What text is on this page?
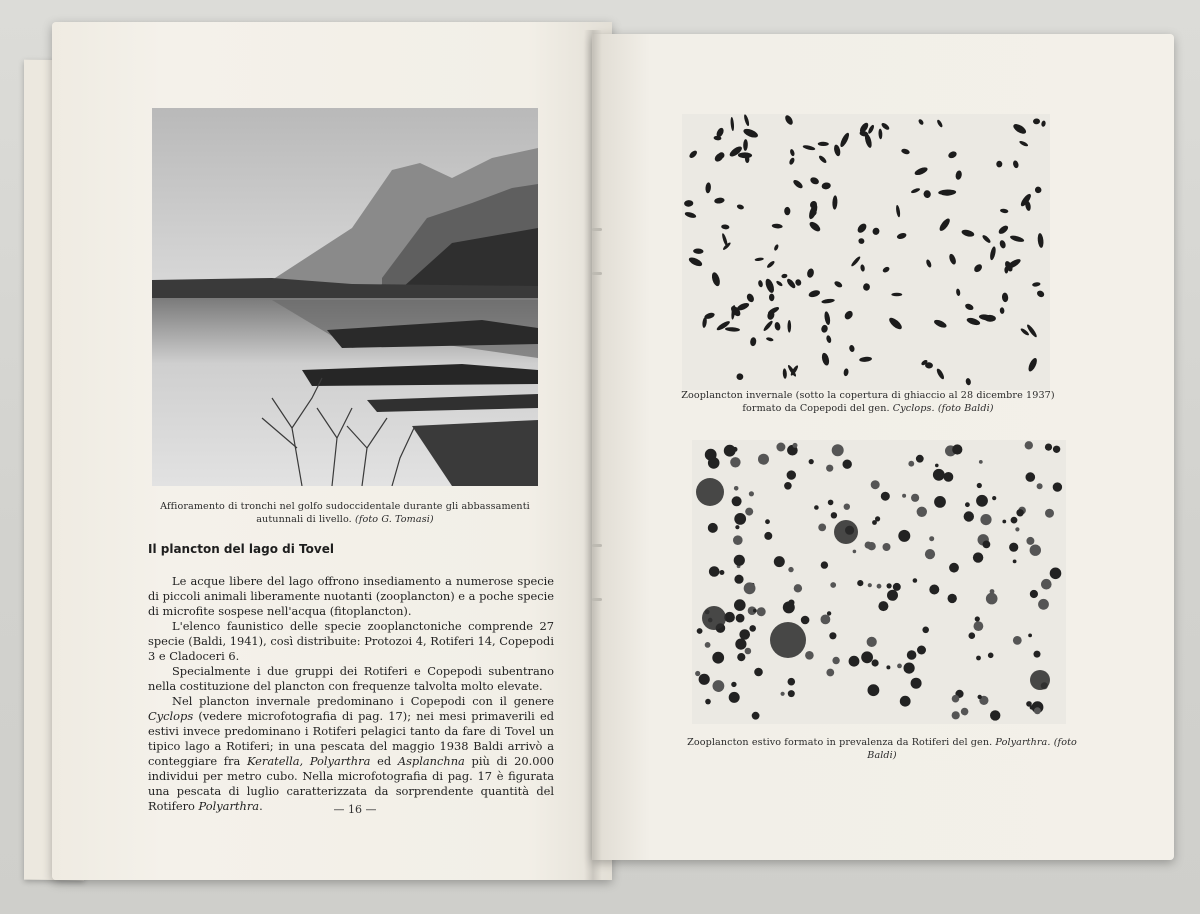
Affioramento di tronchi nel golfo sudoccidentale durante gli abbassamenti autunnali di livello. (foto G. Tomasi)
Il plancton del lago di Tovel

Le acque libere del lago offrono insediamento a numerose specie di piccoli animali liberamente nuotanti (zooplancton) e a poche specie di microfite sospese nell'acqua (fitoplancton).

L'elenco faunistico delle specie zooplanctoniche comprende 27 specie (Baldi, 1941), così distribuite: Protozoi 4, Rotiferi 14, Copepodi 3 e Cladoceri 6.

Specialmente i due gruppi dei Rotiferi e Copepodi subentrano nella costituzione del plancton con frequenze talvolta molto elevate.

Nel plancton invernale predominano i Copepodi con il genere Cyclops (vedere microfotografia di pag. 17); nei mesi primaverili ed estivi invece predominano i Rotiferi pelagici tanto da fare di Tovel un tipico lago a Rotiferi; in una pescata del maggio 1938 Baldi arrivò a conteggiare fra Keratella, Polyarthra ed Asplanchna più di 20.000 individui per metro cubo. Nella microfotografia di pag. 17 è figurata una pescata di luglio caratterizzata da sorprendente quantità del Rotifero Polyarthra.	— 16 —
Zooplancton invernale (sotto la copertura di ghiaccio al 28 dicembre 1937) formato da Copepodi del gen. Cyclops. (foto Baldi)
Zooplancton estivo formato in prevalenza da Rotiferi del gen. Polyarthra. (foto Baldi)
